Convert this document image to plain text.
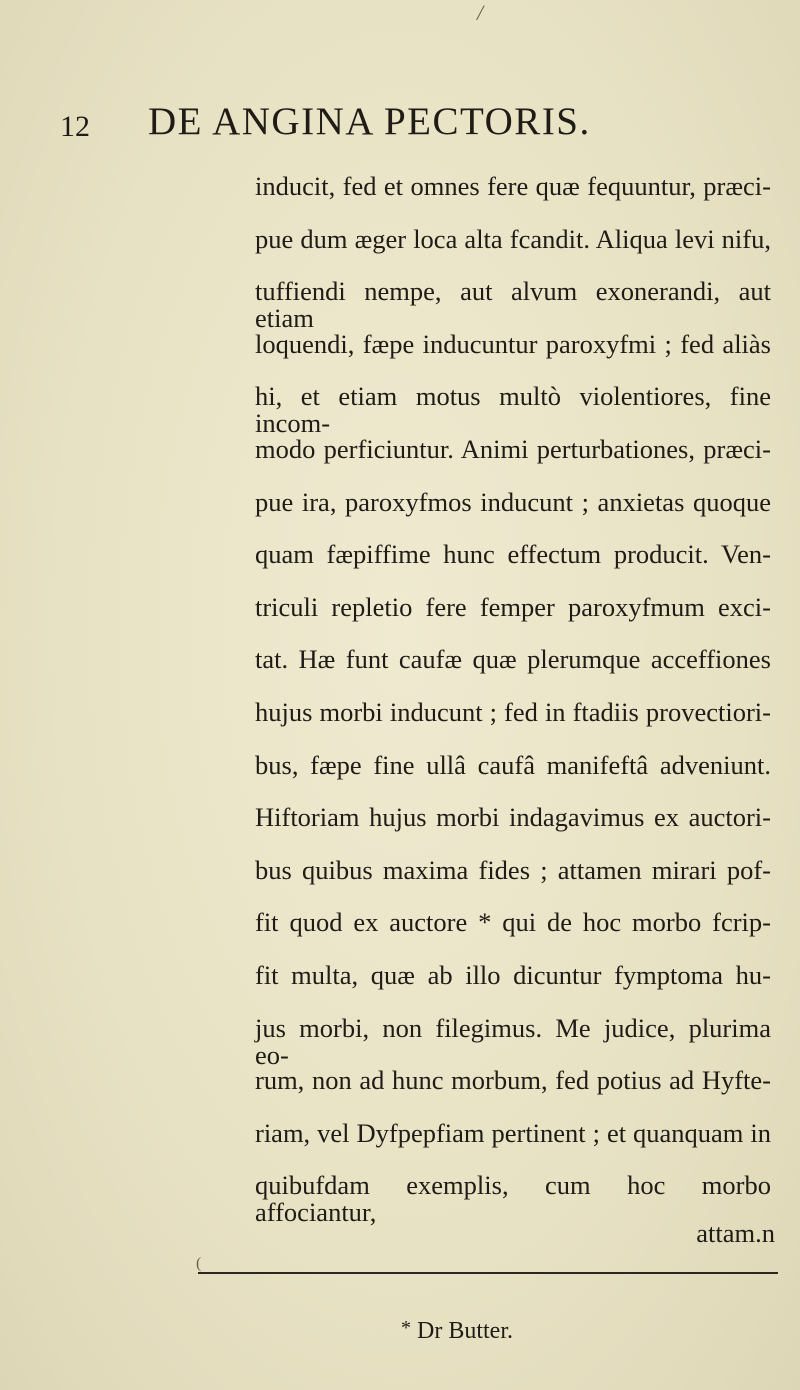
/
12 DE ANGINA PECTORIS.
inducit, fed et omnes fere quæ fequuntur, præci-
pue dum æger loca alta fcandit. Aliqua levi nifu,
tuffiendi nempe, aut alvum exonerandi, aut etiam
loquendi, fæpe inducuntur paroxyfmi ; fed aliàs
hi, et etiam motus multò violentiores, fine incom-
modo perficiuntur. Animi perturbationes, præci-
pue ira, paroxyfmos inducunt ; anxietas quoque
quam fæpiffime hunc effectum producit. Ven-
triculi repletio fere femper paroxyfmum exci-
tat. Hæ funt caufæ quæ plerumque acceffiones
hujus morbi inducunt ; fed in ftadiis provectiori-
bus, fæpe fine ullâ caufâ manifeftâ adveniunt.
Hiftoriam hujus morbi indagavimus ex auctori-
bus quibus maxima fides ; attamen mirari pof-
fit quod ex auctore * qui de hoc morbo fcrip-
fit multa, quæ ab illo dicuntur fymptoma hu-
jus morbi, non filegimus. Me judice, plurima eo-
rum, non ad hunc morbum, fed potius ad Hyfte-
riam, vel Dyfpepfiam pertinent ; et quanquam in
quibufdam exemplis, cum hoc morbo affociantur,
attam.n
(
* Dr Butter.
